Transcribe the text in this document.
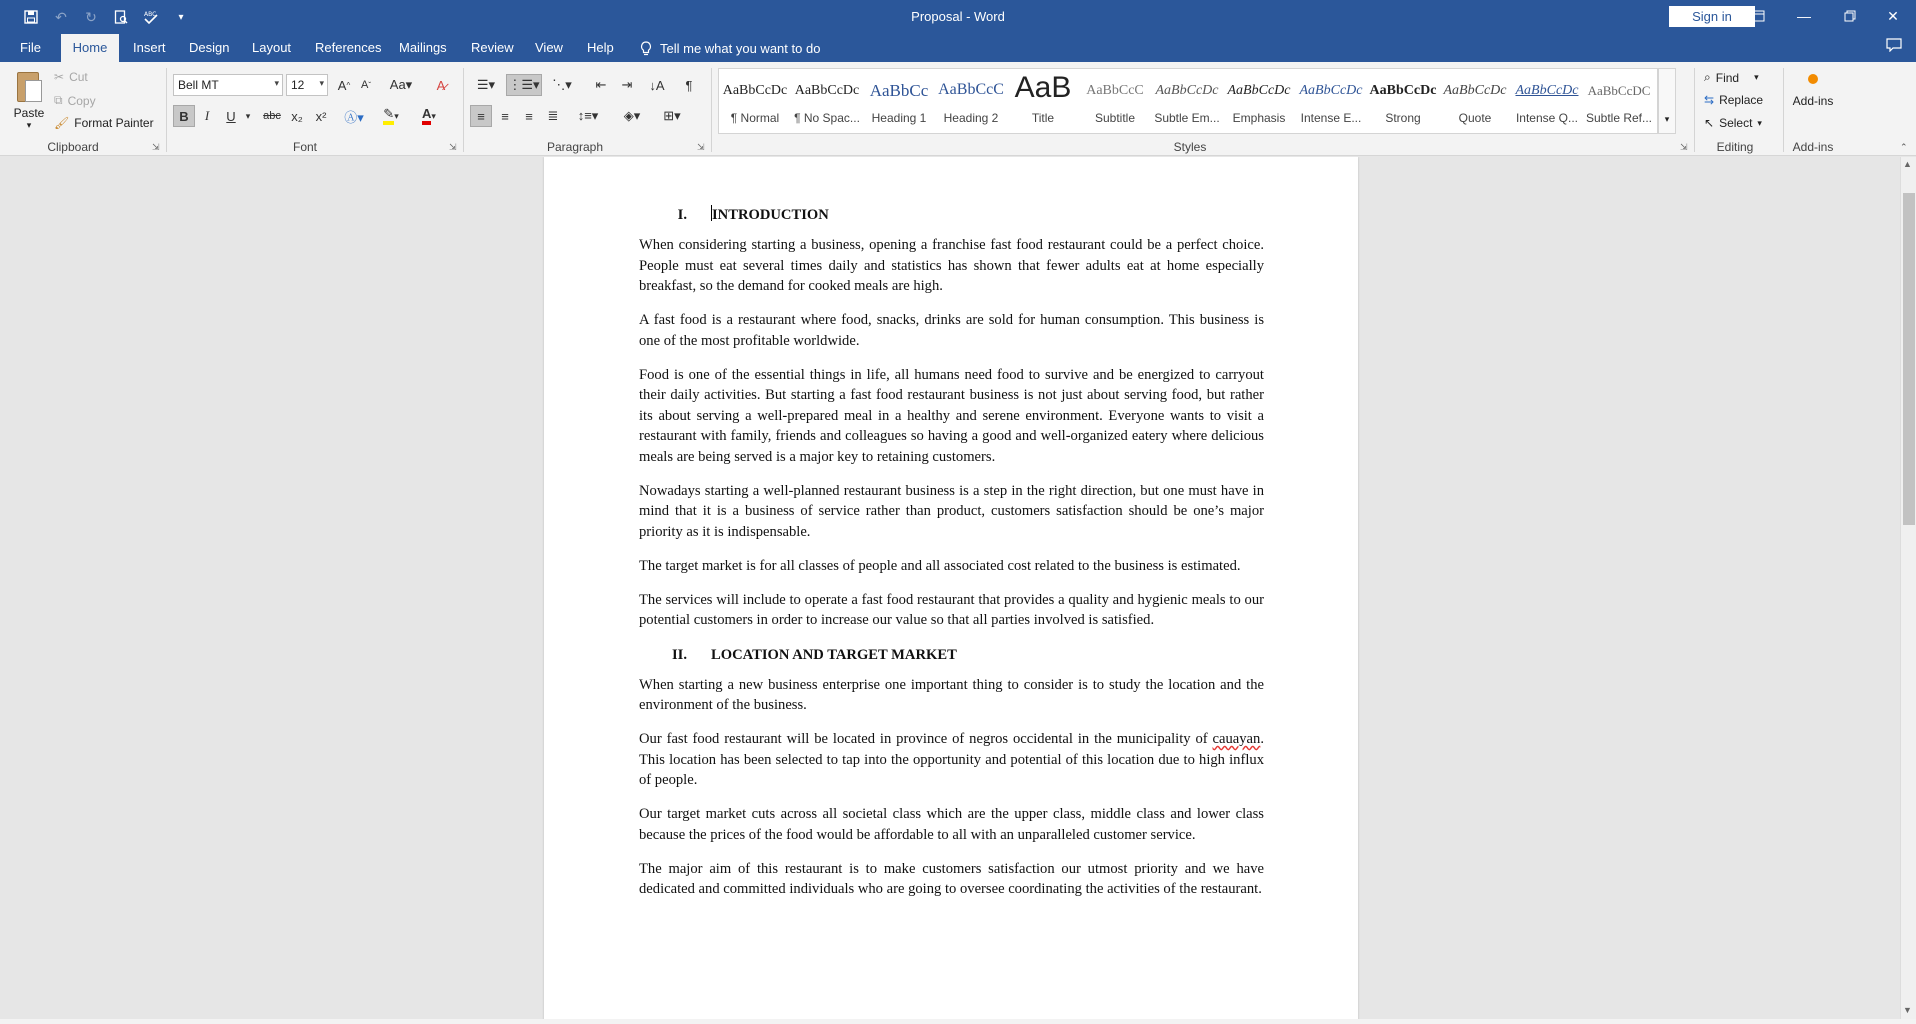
↶	↻	ABC	▾	Proposal - Word	Sign in	—	✕
File	Home	Insert Design Layout References Mailings Review View Help	Tell me what you want to do
Paste
▾
✂ Cut
⧉ Copy
🖌 Format Painter
Clipboard	⇲
Bell MT	▾	12 ▾ A ^ A ˇ Aa▾	A̷
B	I	U	▾ abc x₂ x²	Ⓐ▾	✎ ▾ A ▾
Font	⇲
☰▾	⋮☰▾ ⋱▾	⇤	⇥	↓A	¶
≡	≡	≡	≣	↕≡▾	◈▾	⊞▾
Paragraph	⇲
AaBbCcDc
¶ Normal
AaBbCcDc
¶ No Spac...
AaBbCc
Heading 1
AaBbCcC
Heading 2
AaB
Title
AaBbCcC
Subtitle
AaBbCcDc
Subtle Em...
AaBbCcDc
Emphasis
AaBbCcDc
Intense E...
AaBbCcDc
Strong
AaBbCcDc
Quote
AaBbCcDc
Intense Q...
AaBbCcDC
Subtle Ref...	▾
Styles	⇲
⌕ Find ▾
⇆ Replace
↖ Select ▾
Editing
Add-ins
Add-ins	⌃
I.	INTRODUCTION

When considering starting a business, opening a franchise fast food restaurant could be a perfect choice. People must eat several times daily and statistics has shown that fewer adults eat at home especially breakfast, so the demand for cooked meals are high.

A fast food is a restaurant where food, snacks, drinks are sold for human consumption. This business is one of the most profitable worldwide.

Food is one of the essential things in life, all humans need food to survive and be energized to carryout their daily activities. But starting a fast food restaurant business is not just about serving food, but rather its about serving a well-prepared meal in a healthy and serene environment. Everyone wants to visit a restaurant with family, friends and colleagues so having a good and well-organized eatery where delicious meals are being served is a major key to retaining customers.

Nowadays starting a well-planned restaurant business is a step in the right direction, but one must have in mind that it is a business of service rather than product, customers satisfaction should be one’s major priority as it is indispensable.

The target market is for all classes of people and all associated cost related to the business is estimated.

The services will include to operate a fast food restaurant that provides a quality and hygienic meals to our potential customers in order to increase our value so that all parties involved is satisfied.

II.	LOCATION AND TARGET MARKET

When starting a new business enterprise one important thing to consider is to study the location and the environment of the business.

Our fast food restaurant will be located in province of negros occidental in the municipality of cauayan. This location has been selected to tap into the opportunity and potential of this location due to high influx of people.

Our target market cuts across all societal class which are the upper class, middle class and lower class because the prices of the food would be affordable to all with an unparalleled customer service.

The major aim of this restaurant is to make customers satisfaction our utmost priority and we have dedicated and committed individuals who are going to oversee coordinating the activities of the restaurant.

▲
▼
